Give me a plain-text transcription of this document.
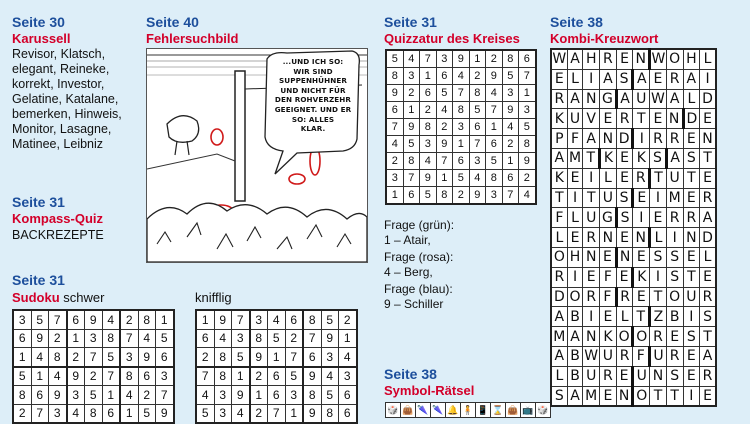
Seite 30
Karussell
Revisor, Klatsch,
elegant, Reineke,
korrekt, Investor,
Gelatine, Katalane,
bemerken, Hinweis,
Monitor, Lasagne,
Matinee, Leibniz
Seite 31
Kompass-Quiz
BACKREZEPTE
Seite 31
Sudoku schwer	knifflig
3	5	7	6	9	4	2	8	1
6	9	2	1	3	8	7	4	5
1	4	8	2	7	5	3	9	6
5	1	4	9	2	7	8	6	3
8	6	9	3	5	1	4	2	7
2	7	3	4	8	6	1	5	9
1	9	7	3	4	6	8	5	2
6	4	3	8	5	2	7	9	1
2	8	5	9	1	7	6	3	4
7	8	1	2	6	5	9	4	3
4	3	9	1	6	3	8	5	6
5	3	4	2	7	1	9	8	6
Seite 40
Fehlersuchbild
...UND ICH SO:
WIR SIND
SUPPENHÜHNER
UND NICHT FÜR
DEN ROHVERZEHR
GEEIGNET. UND ER
SO: ALLES
KLAR.
Seite 31
Quizzatur des Kreises
5	4	7	3	9	1	2	8	6
8	3	1	6	4	2	9	5	7
9	2	6	5	7	8	4	3	1
6	1	2	4	8	5	7	9	3
7	9	8	2	3	6	1	4	5
4	5	3	9	1	7	6	2	8
2	8	4	7	6	3	5	1	9
3	7	9	1	5	4	8	6	2
1	6	5	8	2	9	3	7	4
Frage (grün):
1 – Atair,
Frage (rosa):
4 – Berg,
Frage (blau):
9 – Schiller
Seite 38
Symbol-Rätsel
🎲	👜	🌂	🌂	🔔	🧍	📱	⌛	👜	📺	🎲
Seite 38
Kombi-Kreuzwort
W	A	H	R	E	N	W	O	H	L
E	L	I	A	S	A	E	R	A	I
R	A	N	G	A	U	W	A	L	D
K	U	V	E	R	T	E	N	D	E
P	F	A	N	D	I	R	R	E	N
A	M	T	K	E	K	S	A	S	T
K	E	I	L	E	R	T	U	T	E
T	I	T	U	S	E	I	M	E	R
F	L	U	G	S	I	E	R	R	A
L	E	R	N	E	N	L	I	N	D
O	H	N	E	N	E	S	S	E	L
R	I	E	F	E	K	I	S	T	E
D	O	R	F	R	E	T	O	U	R
A	B	I	E	L	T	Z	B	I	S
M	A	N	K	O	O	R	E	S	T
A	B	W	U	R	F	U	R	E	A
L	B	U	R	E	U	N	S	E	R
S	A	M	E	N	O	T	T	I	E
